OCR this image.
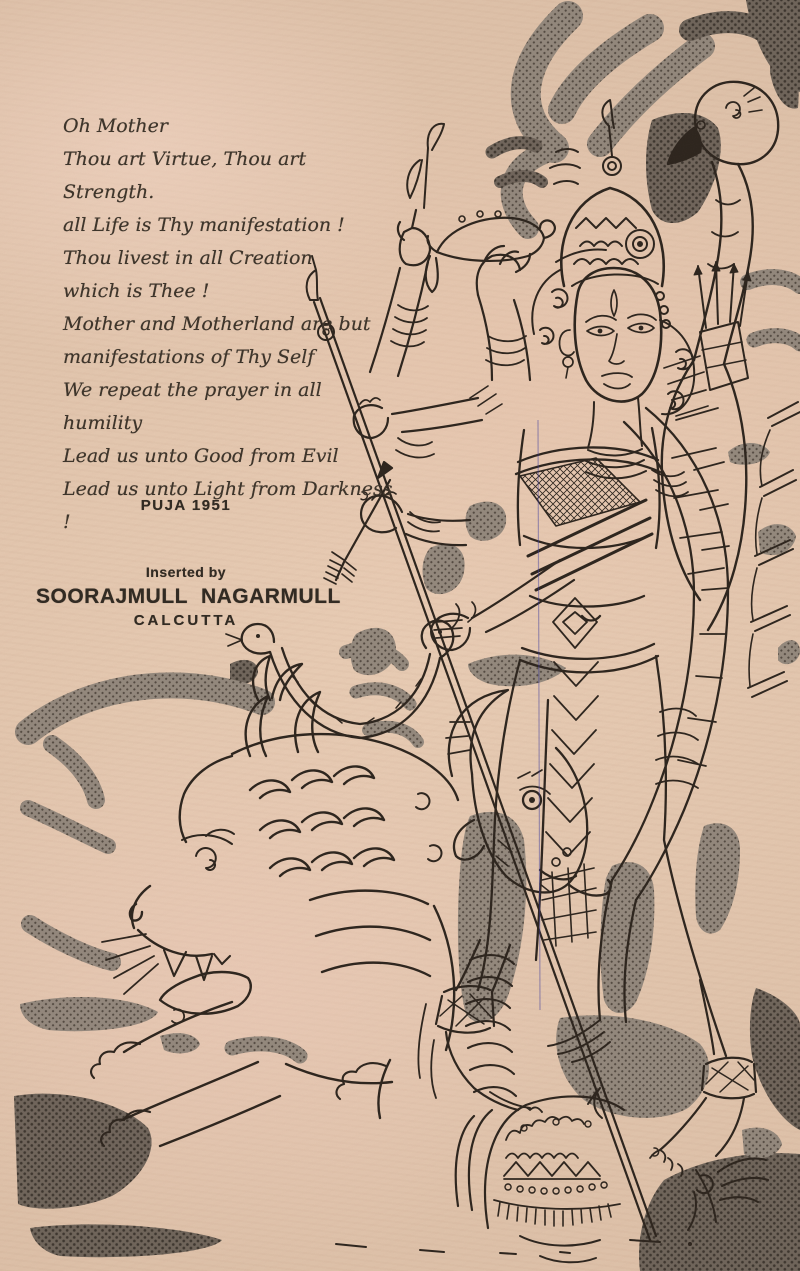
Oh Mother
Thou art Virtue, Thou art Strength.
all Life is Thy manifestation !
Thou livest in all Creation
which is Thee !
Mother and Motherland are but
manifestations of Thy Self
We repeat the prayer in all
humility
Lead us unto Good from Evil
Lead us unto Light from Darkness !
PUJA 1951
Inserted by
SOORAJMULL NAGARMULL
CALCUTTA
